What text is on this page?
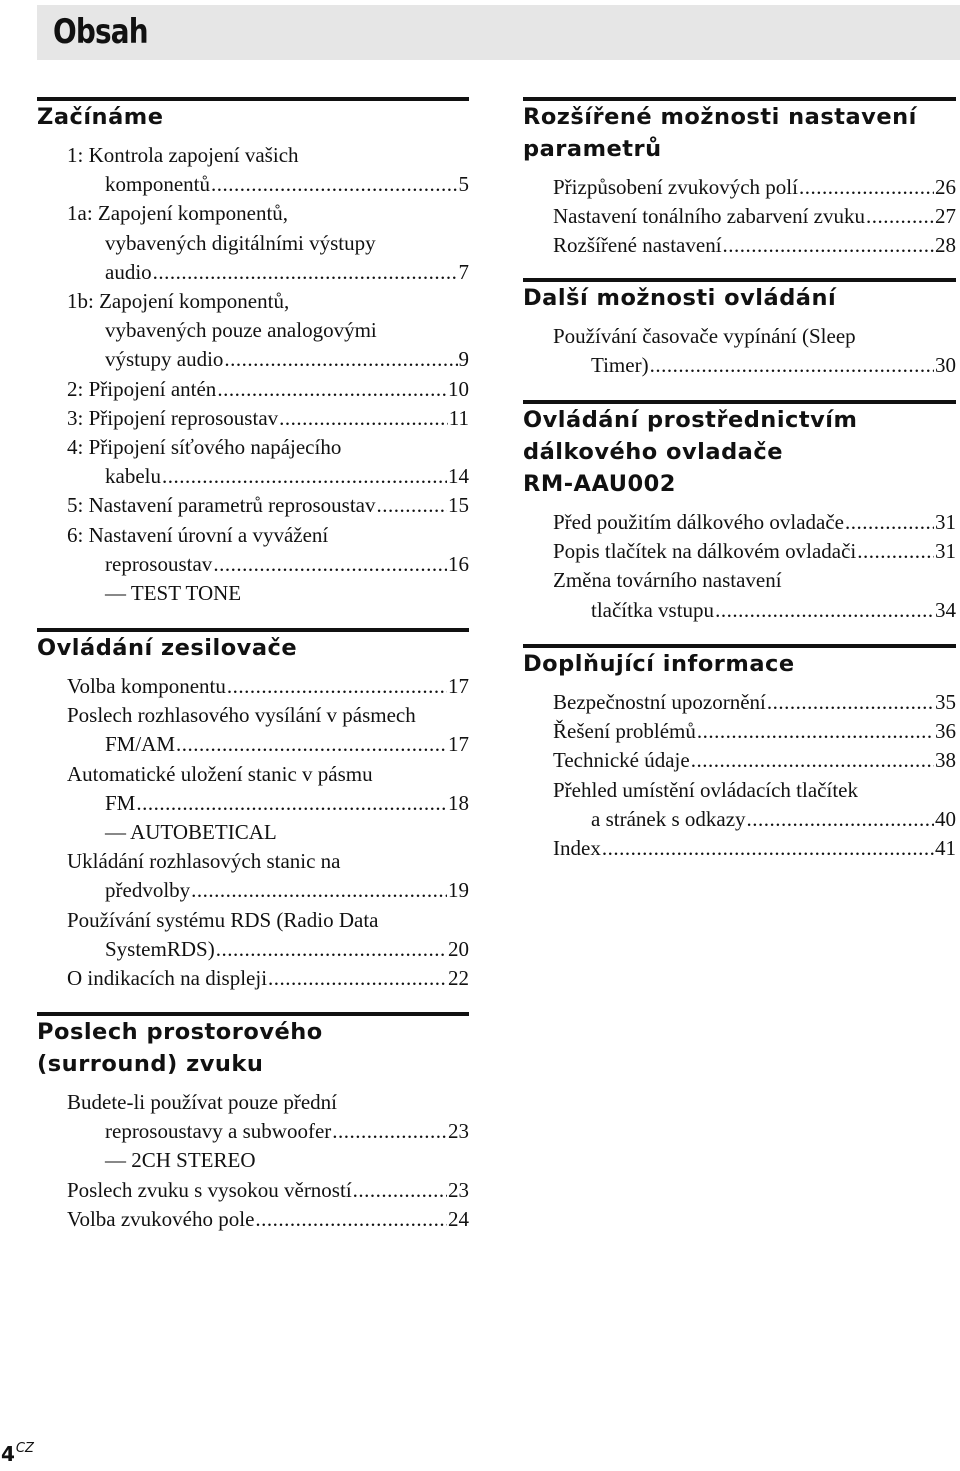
Obsah
Začínáme
1: Kontrola zapojení vašich
komponentů .....	5
1a: Zapojení komponentů,
vybavených digitálními výstupy
audio .....	7
1b: Zapojení komponentů,
vybavených pouze analogovými
výstupy audio .....	9
2: Připojení antén .....	10
3: Připojení reprosoustav .....	11
4: Připojení síťového napájecího
kabelu .....	14
5: Nastavení parametrů reprosoustav .....	15
6: Nastavení úrovní a vyvážení
reprosoustav .....	16
— TEST TONE
Ovládání zesilovače
Volba komponentu .....	17
Poslech rozhlasového vysílání v pásmech
FM/AM .....	17
Automatické uložení stanic v pásmu
FM .....	18
— AUTOBETICAL
Ukládání rozhlasových stanic na
předvolby .....	19
Používání systému RDS (Radio Data
SystemRDS) .....	20
O indikacích na displeji .....	22
Poslech prostorového
(surround) zvuku
Budete-li používat pouze přední
reprosoustavy a subwoofer .....	23
— 2CH STEREO
Poslech zvuku s vysokou věrností .....	23
Volba zvukového pole .....	24
Rozšířené možnosti nastavení
parametrů
Přizpůsobení zvukových polí .....	26
Nastavení tonálního zabarvení zvuku .....	27
Rozšířené nastavení .....	28
Další možnosti ovládání
Používání časovače vypínání (Sleep
Timer) .....	30
Ovládání prostřednictvím
dálkového ovladače
RM-AAU002
Před použitím dálkového ovladače .....	31
Popis tlačítek na dálkovém ovladači .....	31
Změna továrního nastavení
tlačítka vstupu .....	34
Doplňující informace
Bezpečnostní upozornění .....	35
Řešení problémů .....	36
Technické údaje .....	38
Přehled umístění ovládacích tlačítek
a stránek s odkazy .....	40
Index .....	41
$4^{CZ}$
